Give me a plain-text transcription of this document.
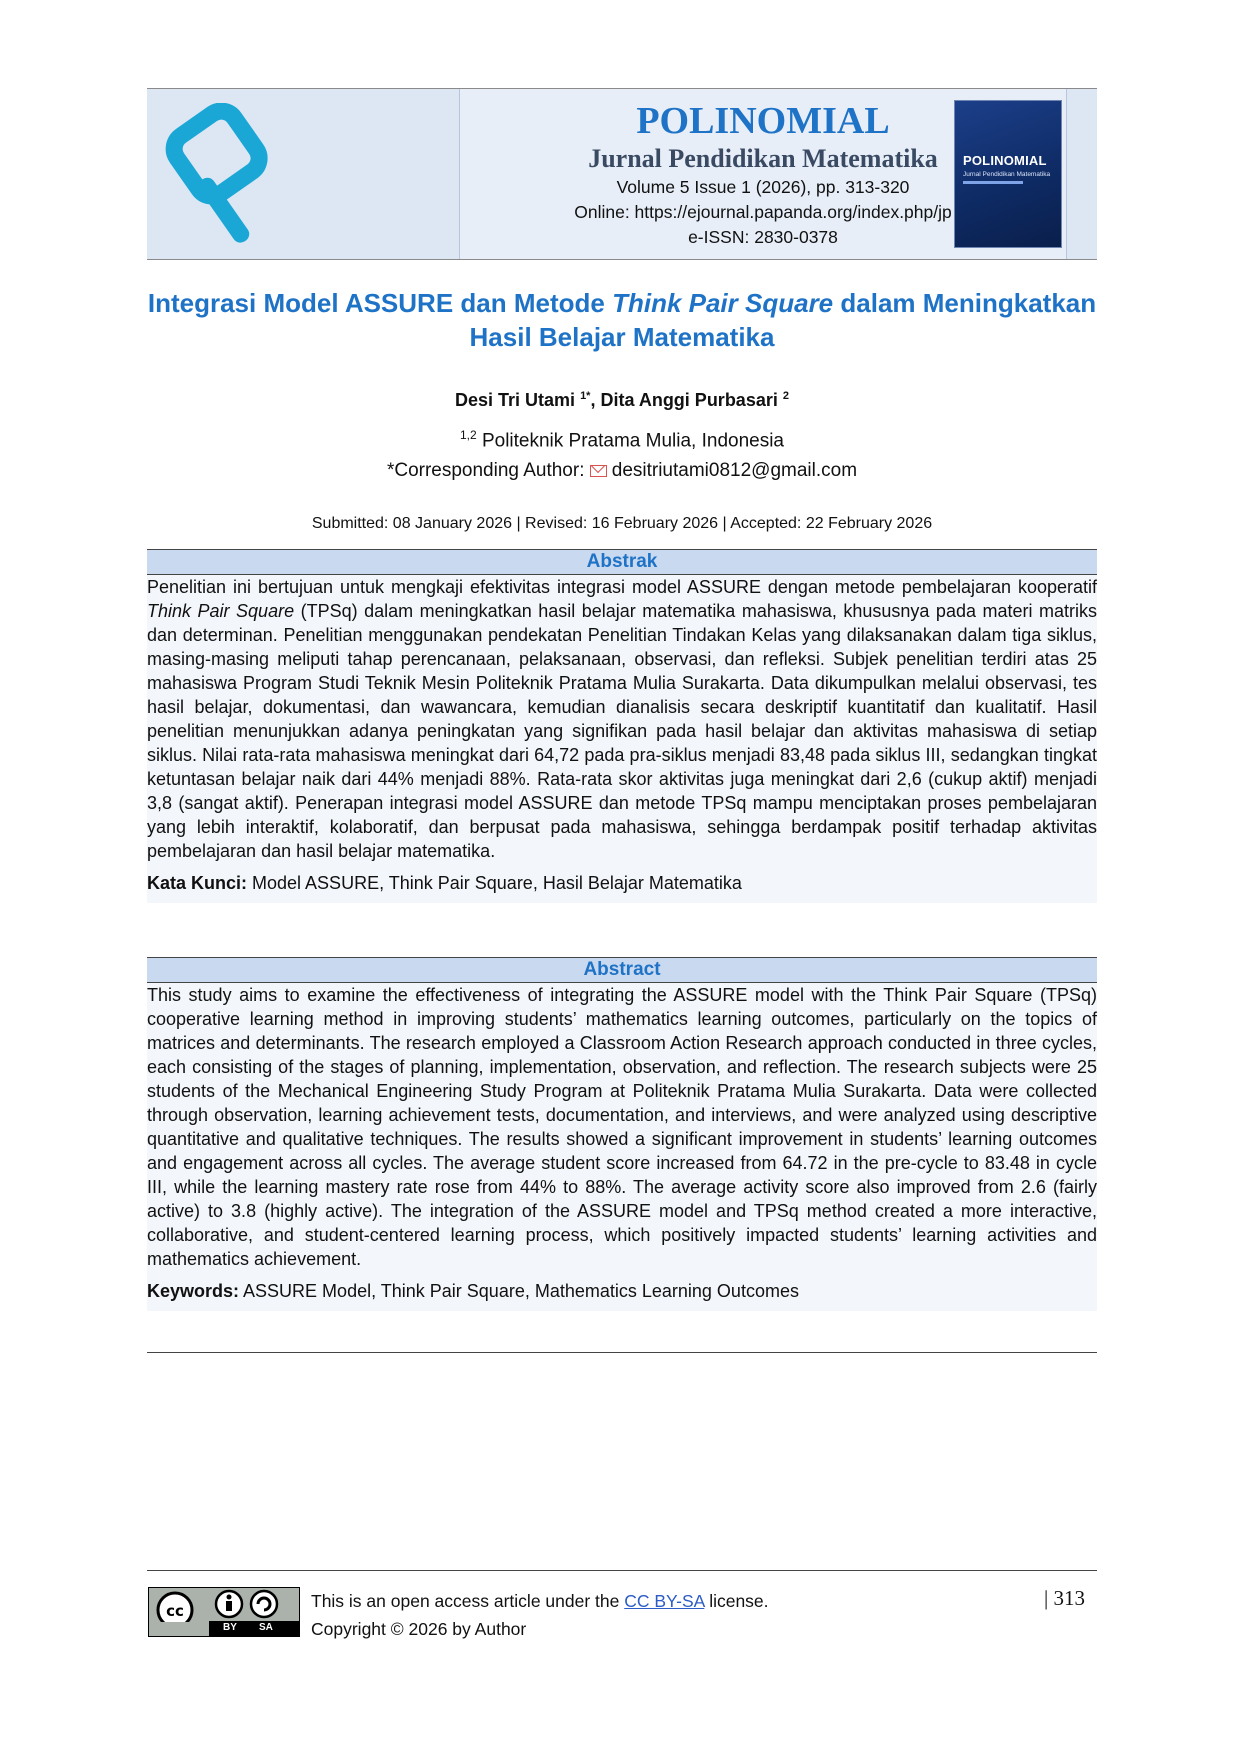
POLINOMIAL
Jurnal Pendidikan Matematika
Volume 5 Issue 1 (2026), pp. 313-320
Online: https://ejournal.papanda.org/index.php/jp
e-ISSN: 2830-0378
POLINOMIAL
Jurnal Pendidikan Matematika
Integrasi Model ASSURE dan Metode Think Pair Square dalam Meningkatkan Hasil Belajar Matematika
Desi Tri Utami $^{1*}$, Dita Anggi Purbasari $^2$
$^{1,2}$ Politeknik Pratama Mulia, Indonesia
*Corresponding Author: desitriutami0812@gmail.com
Submitted: 08 January 2026 | Revised: 16 February 2026 | Accepted: 22 February 2026
Abstrak
Penelitian ini bertujuan untuk mengkaji efektivitas integrasi model ASSURE dengan metode pembelajaran kooperatif Think Pair Square (TPSq) dalam meningkatkan hasil belajar matematika mahasiswa, khususnya pada materi matriks dan determinan. Penelitian menggunakan pendekatan Penelitian Tindakan Kelas yang dilaksanakan dalam tiga siklus, masing-masing meliputi tahap perencanaan, pelaksanaan, observasi, dan refleksi. Subjek penelitian terdiri atas 25 mahasiswa Program Studi Teknik Mesin Politeknik Pratama Mulia Surakarta. Data dikumpulkan melalui observasi, tes hasil belajar, dokumentasi, dan wawancara, kemudian dianalisis secara deskriptif kuantitatif dan kualitatif. Hasil penelitian menunjukkan adanya peningkatan yang signifikan pada hasil belajar dan aktivitas mahasiswa di setiap siklus. Nilai rata-rata mahasiswa meningkat dari 64,72 pada pra-siklus menjadi 83,48 pada siklus III, sedangkan tingkat ketuntasan belajar naik dari 44% menjadi 88%. Rata-rata skor aktivitas juga meningkat dari 2,6 (cukup aktif) menjadi 3,8 (sangat aktif). Penerapan integrasi model ASSURE dan metode TPSq mampu menciptakan proses pembelajaran yang lebih interaktif, kolaboratif, dan berpusat pada mahasiswa, sehingga berdampak positif terhadap aktivitas pembelajaran dan hasil belajar matematika.
Kata Kunci: Model ASSURE, Think Pair Square, Hasil Belajar Matematika
Abstract
This study aims to examine the effectiveness of integrating the ASSURE model with the Think Pair Square (TPSq) cooperative learning method in improving students’ mathematics learning outcomes, particularly on the topics of matrices and determinants. The research employed a Classroom Action Research approach conducted in three cycles, each consisting of the stages of planning, implementation, observation, and reflection. The research subjects were 25 students of the Mechanical Engineering Study Program at Politeknik Pratama Mulia Surakarta. Data were collected through observation, learning achievement tests, documentation, and interviews, and were analyzed using descriptive quantitative and qualitative techniques. The results showed a significant improvement in students’ learning outcomes and engagement across all cycles. The average student score increased from 64.72 in the pre-cycle to 83.48 in cycle III, while the learning mastery rate rose from 44% to 88%. The average activity score also improved from 2.6 (fairly active) to 3.8 (highly active). The integration of the ASSURE model and TPSq method created a more interactive, collaborative, and student-centered learning process, which positively impacted students’ learning activities and mathematics achievement.
Keywords: ASSURE Model, Think Pair Square, Mathematics Learning Outcomes
cc
BY SA
This is an open access article under the CC BY-SA license.
Copyright © 2026 by Author
| 313
